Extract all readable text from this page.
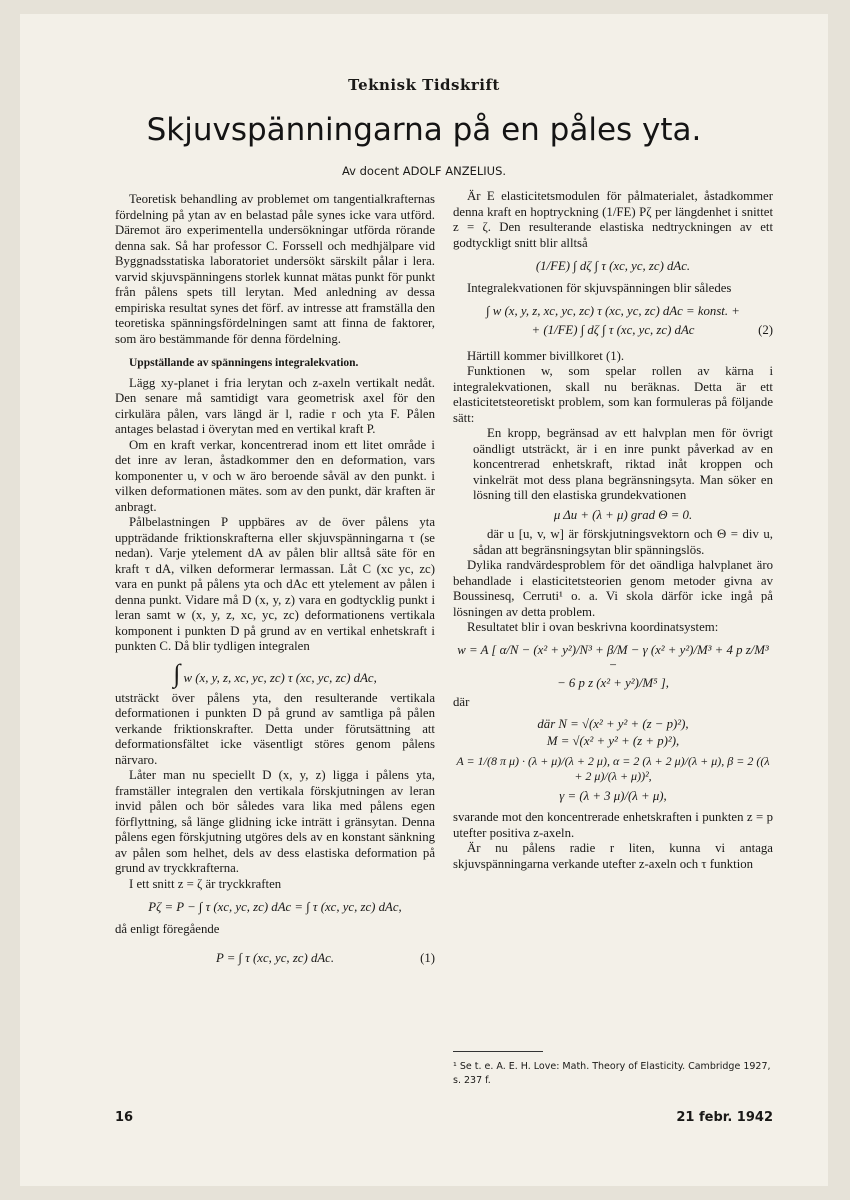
Teknisk Tidskrift
Skjuvspänningarna på en påles yta.
Av docent ADOLF ANZELIUS.

Teoretisk behandling av problemet om tangentialkrafternas fördelning på ytan av en belastad påle synes icke vara utförd. Däremot äro experimentella undersökningar utförda rörande denna sak. Så har professor C. Forssell och medhjälpare vid Byggnadsstatiska laboratoriet undersökt särskilt pålar i lera. varvid skjuvspänningens storlek kunnat mätas punkt för punkt från pålens spets till lerytan. Med anledning av dessa empiriska resultat synes det förf. av intresse att framställa den teoretiska spänningsfördelningen samt att finna de faktorer, som äro bestämmande för denna fördelning.

Uppställande av spänningens integralekvation.

Lägg xy-planet i fria lerytan och z-axeln vertikalt nedåt. Den senare må samtidigt vara geometrisk axel för den cirkulära pålen, vars längd är l, radie r och yta F. Pålen antages belastad i överytan med en vertikal kraft P.

Om en kraft verkar, koncentrerad inom ett litet område i det inre av leran, åstadkommer den en deformation, vars komponenter u, v och w äro beroende såväl av den punkt. i vilken deformationen mätes. som av den punkt, där kraften är anbragt.

Pålbelastningen P uppbäres av de över pålens yta uppträdande friktionskrafterna eller skjuvspänningarna τ (se nedan). Varje ytelement dA av pålen blir alltså säte för en kraft τ dA, vilken deformerar lermassan. Låt C (xc yc, zc) vara en punkt på pålens yta och dAc ett ytelement av pålen i denna punkt. Vidare må D (x, y, z) vara en godtycklig punkt i leran samt w (x, y, z, xc, yc, zc) deformationens vertikala komponent i punkten D på grund av en vertikal enhetskraft i punkten C. Då blir tydligen integralen

∫ w (x, y, z, xc, yc, zc) τ (xc, yc, zc) dAc,

utsträckt över pålens yta, den resulterande vertikala deformationen i punkten D på grund av samtliga på pålen verkande friktionskrafter. Detta under förutsättning att deformationsfältet icke väsentligt störes genom pålens närvaro.

Låter man nu speciellt D (x, y, z) ligga i pålens yta, framställer integralen den vertikala förskjutningen av leran invid pålen och bör således vara lika med pålens egen förflyttning, så länge glidning icke inträtt i gränsytan. Denna pålens egen förskjutning utgöres dels av en konstant sänkning av pålen som helhet, dels av dess elastiska deformation på grund av tryckkrafterna.

I ett snitt z = ζ är tryckkraften

Pζ = P − ∫ τ (xc, yc, zc) dAc = ∫ τ (xc, yc, zc) dAc,

då enligt föregående

P = ∫ τ (xc, yc, zc) dAc.	(1)

Är E elasticitetsmodulen för pålmaterialet, åstadkommer denna kraft en hoptryckning (1/FE) Pζ per längdenhet i snittet z = ζ. Den resulterande elastiska nedtryckningen av ett godtyckligt snitt blir alltså

(1/FE) ∫ dζ ∫ τ (xc, yc, zc) dAc.

Integralekvationen för skjuvspänningen blir således

∫ w (x, y, z, xc, yc, zc) τ (xc, yc, zc) dAc = konst. +
+ (1/FE) ∫ dζ ∫ τ (xc, yc, zc) dAc	(2)

Härtill kommer bivillkoret (1).

Funktionen w, som spelar rollen av kärna i integralekvationen, skall nu beräknas. Detta är ett elasticitetsteoretiskt problem, som kan formuleras på följande sätt:

En kropp, begränsad av ett halvplan men för övrigt oändligt utsträckt, är i en inre punkt påverkad av en koncentrerad enhetskraft, riktad inåt kroppen och vinkelrät mot dess plana begränsningsyta. Man söker en lösning till den elastiska grundekvationen

μ Δu + (λ + μ) grad Θ = 0.

där u [u, v, w] är förskjutningsvektorn och Θ = div u, sådan att begränsningsytan blir spänningslös.

Dylika randvärdesproblem för det oändliga halvplanet äro behandlade i elasticitetsteorien genom metoder givna av Boussinesq, Cerruti¹ o. a. Vi skola därför icke ingå på lösningen av detta problem.

Resultatet blir i ovan beskrivna koordinatsystem:

w = A [ α/N − (x² + y²)/N³ + β/M − γ (x² + y²)/M³ + 4 p z/M³ −
− 6 p z (x² + y²)/M⁵ ],

där

där N = √(x² + y² + (z − p)²),
M = √(x² + y² + (z + p)²),
A = 1/(8 π μ) · (λ + μ)/(λ + 2 μ), α = 2 (λ + 2 μ)/(λ + μ), β = 2 ((λ + 2 μ)/(λ + μ))²,
γ = (λ + 3 μ)/(λ + μ),

svarande mot den koncentrerade enhetskraften i punkten z = p utefter positiva z-axeln.

Är nu pålens radie r liten, kunna vi antaga skjuvspänningarna verkande utefter z-axeln och τ funktion

¹ Se t. e. A. E. H. Love: Math. Theory of Elasticity. Cambridge 1927, s. 237 f.
16	21 febr. 1942
